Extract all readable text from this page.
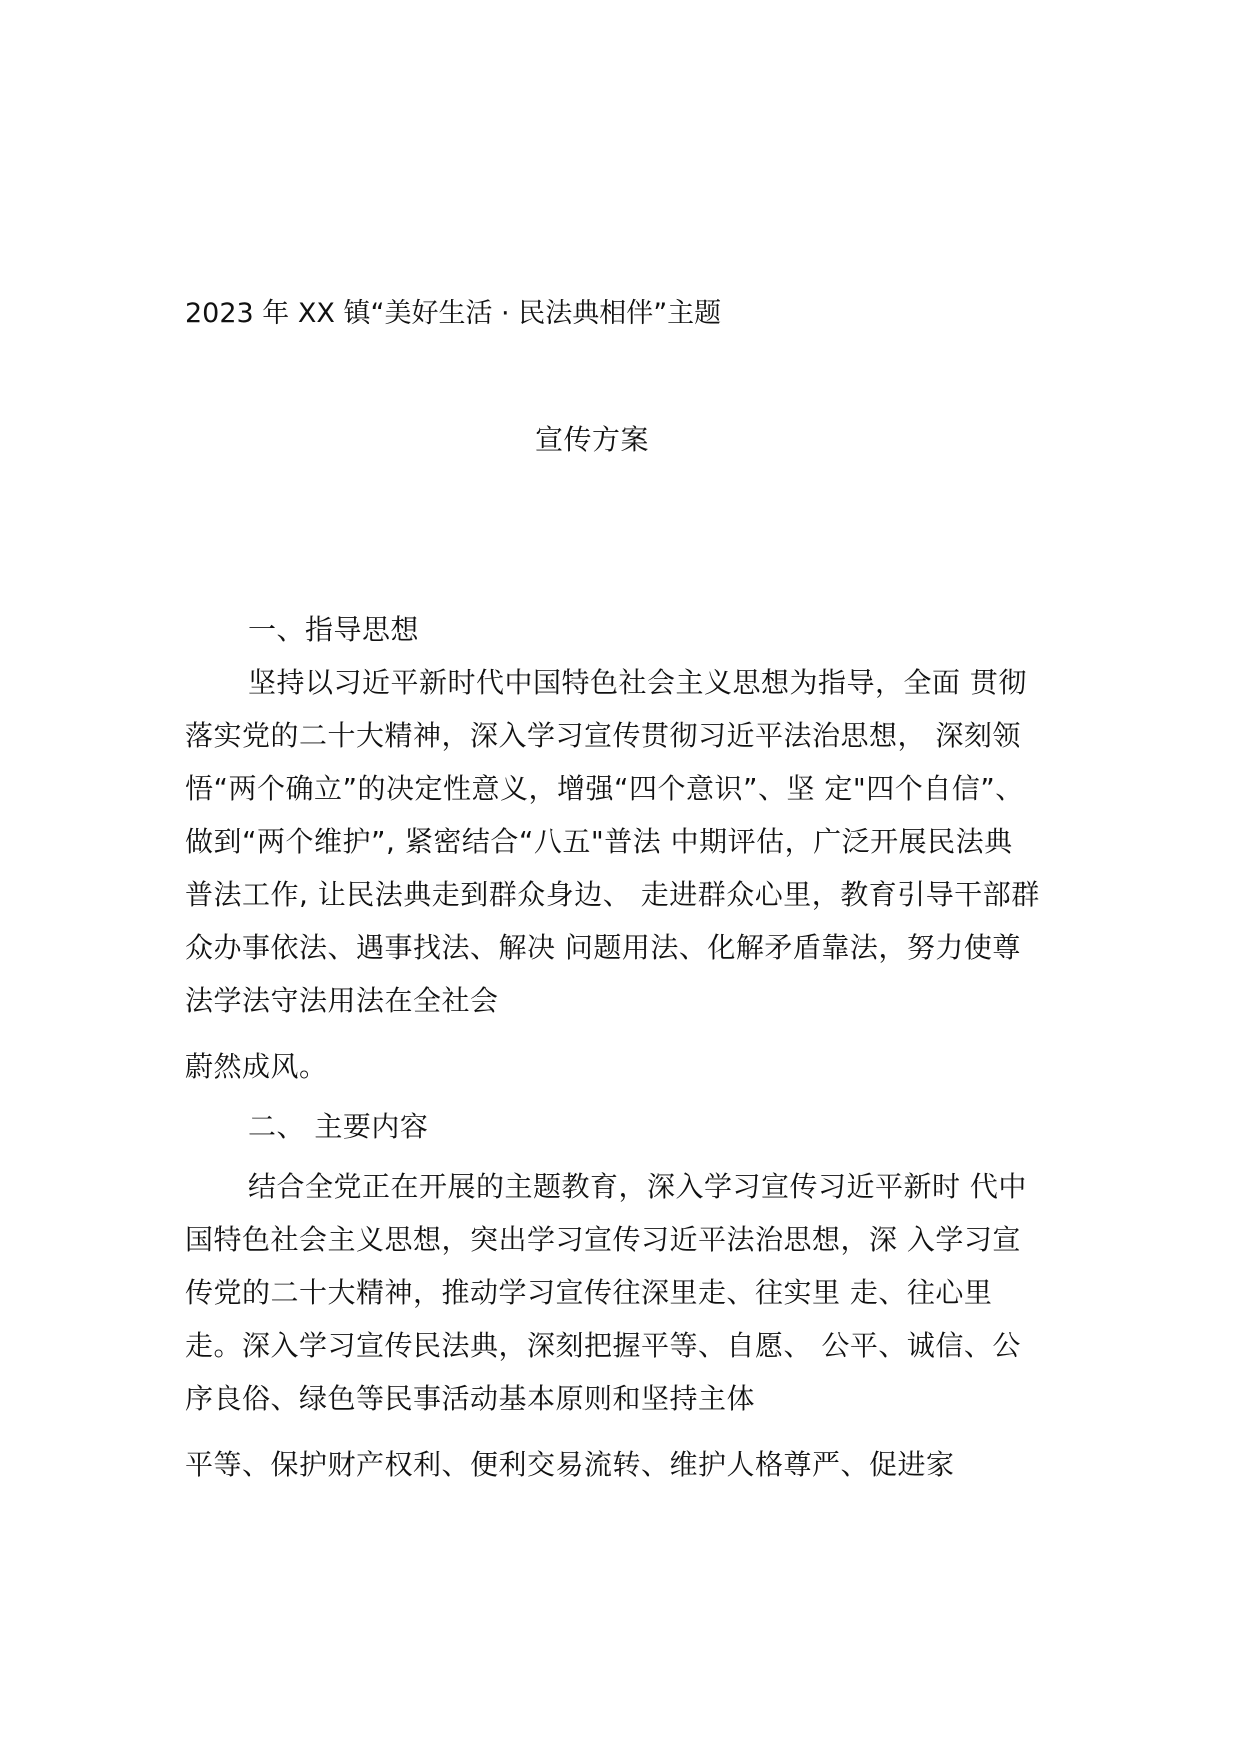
2023 年 XX 镇“美好生活 · 民法典相伴”主题
宣传方案
一、指导思想
坚持以习近平新时代中国特色社会主义思想为指导，全面 贯彻
落实党的二十大精神，深入学习宣传贯彻习近平法治思想， 深刻领
悟“两个确立”的决定性意义，增强“四个意识”、坚 定"四个自信”、
做到“两个维护”, 紧密结合“八五"普法 中期评估，广泛开展民法典
普法工作, 让民法典走到群众身边、 走进群众心里，教育引导干部群
众办事依法、遇事找法、解决 问题用法、化解矛盾靠法，努力使尊
法学法守法用法在全社会
蔚然成风。
二、 主要内容
结合全党正在开展的主题教育，深入学习宣传习近平新时 代中
国特色社会主义思想，突出学习宣传习近平法治思想，深 入学习宣
传党的二十大精神，推动学习宣传往深里走、往实里 走、往心里
走。深入学习宣传民法典，深刻把握平等、自愿、 公平、诚信、公
序良俗、绿色等民事活动基本原则和坚持主体
平等、保护财产权利、便利交易流转、维护人格尊严、促进家
